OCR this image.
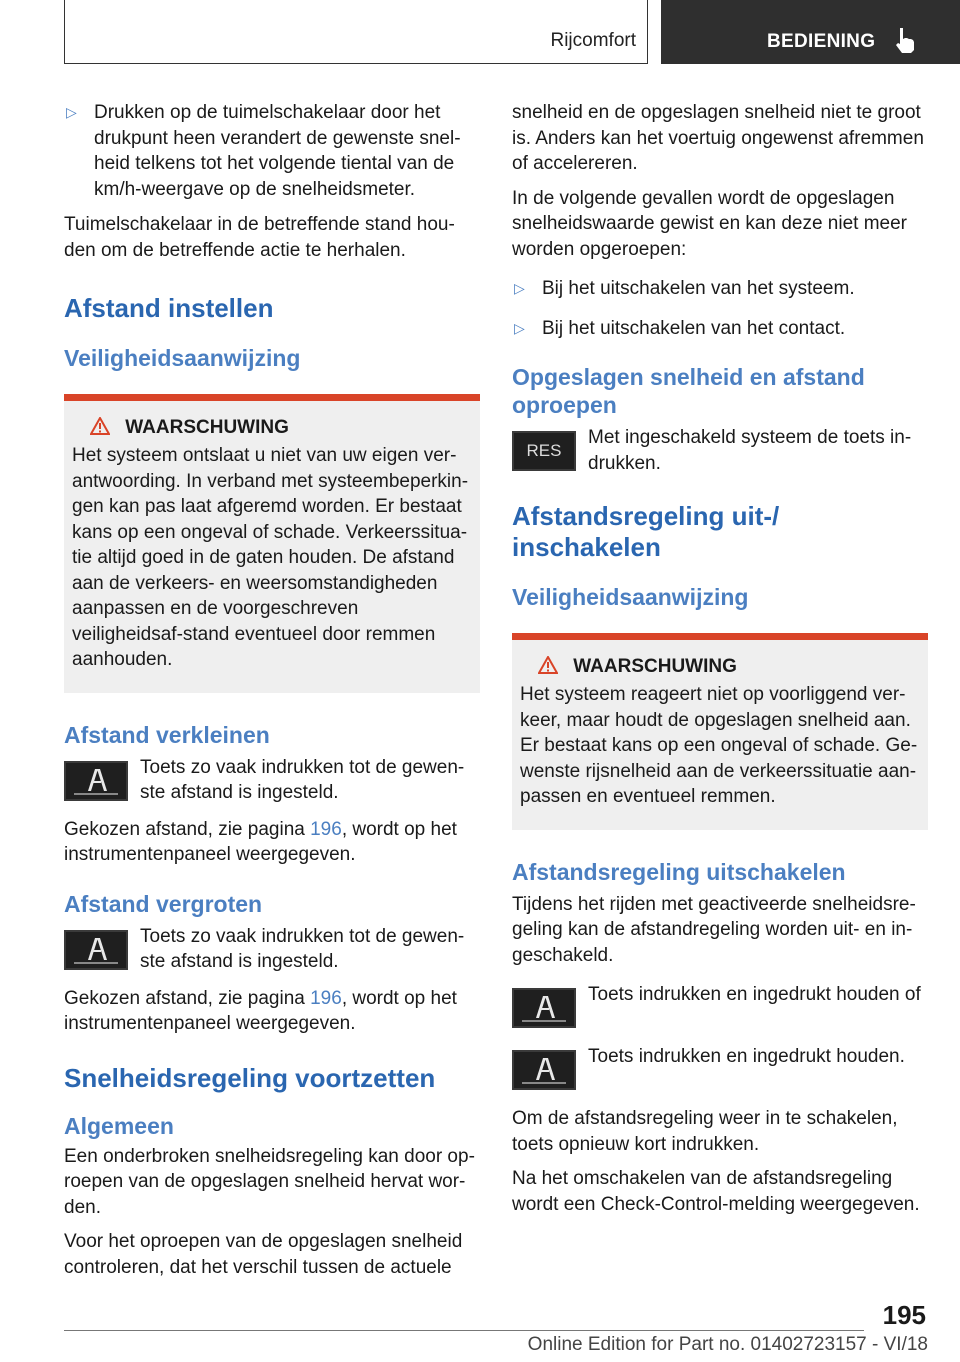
Rijcomfort	BEDIENING

▷ Drukken op de tuimelschakelaar door het drukpunt heen verandert de gewenste snel-heid telkens tot het volgende tiental van de km/h-weergave op de snelheidsmeter.

Tuimelschakelaar in de betreffende stand hou-den om de betreffende actie te herhalen.

Afstand instellen
Veiligheidsaanwijzing
WAARSCHUWING

Het systeem ontslaat u niet van uw eigen ver-antwoording. In verband met systeembeperkin-gen kan pas laat afgeremd worden. Er bestaat kans op een ongeval of schade. Verkeerssitua-tie altijd goed in de gaten houden. De afstand aan de verkeers- en weersomstandigheden aanpassen en de voorgeschreven veiligheidsaf-stand eventueel door remmen aanhouden.

Afstand verkleinen

Toets zo vaak indrukken tot de gewen-ste afstand is ingesteld.

Gekozen afstand, zie pagina 196, wordt op het instrumentenpaneel weergegeven.

Afstand vergroten

Toets zo vaak indrukken tot de gewen-ste afstand is ingesteld.

Gekozen afstand, zie pagina 196, wordt op het instrumentenpaneel weergegeven.

Snelheidsregeling voortzetten
Algemeen

Een onderbroken snelheidsregeling kan door op-roepen van de opgeslagen snelheid hervat wor-den.

Voor het oproepen van de opgeslagen snelheid controleren, dat het verschil tussen de actuele

snelheid en de opgeslagen snelheid niet te groot is. Anders kan het voertuig ongewenst afremmen of accelereren.

In de volgende gevallen wordt de opgeslagen snelheidswaarde gewist en kan deze niet meer worden opgeroepen:

▷ Bij het uitschakelen van het systeem.

▷ Bij het uitschakelen van het contact.

Opgeslagen snelheid en afstand oproepen
RES

Met ingeschakeld systeem de toets in-drukken.

Afstandsregeling uit-/ inschakelen
Veiligheidsaanwijzing
WAARSCHUWING

Het systeem reageert niet op voorliggend ver-keer, maar houdt de opgeslagen snelheid aan. Er bestaat kans op een ongeval of schade. Ge-wenste rijsnelheid aan de verkeerssituatie aan-passen en eventueel remmen.

Afstandsregeling uitschakelen

Tijdens het rijden met geactiveerde snelheidsre-geling kan de afstandregeling worden uit- en in-geschakeld.

Toets indrukken en ingedrukt houden of

Toets indrukken en ingedrukt houden.

Om de afstandsregeling weer in te schakelen, toets opnieuw kort indrukken.

Na het omschakelen van de afstandsregeling wordt een Check-Control-melding weergegeven.

195
Online Edition for Part no. 01402723157 - VI/18
